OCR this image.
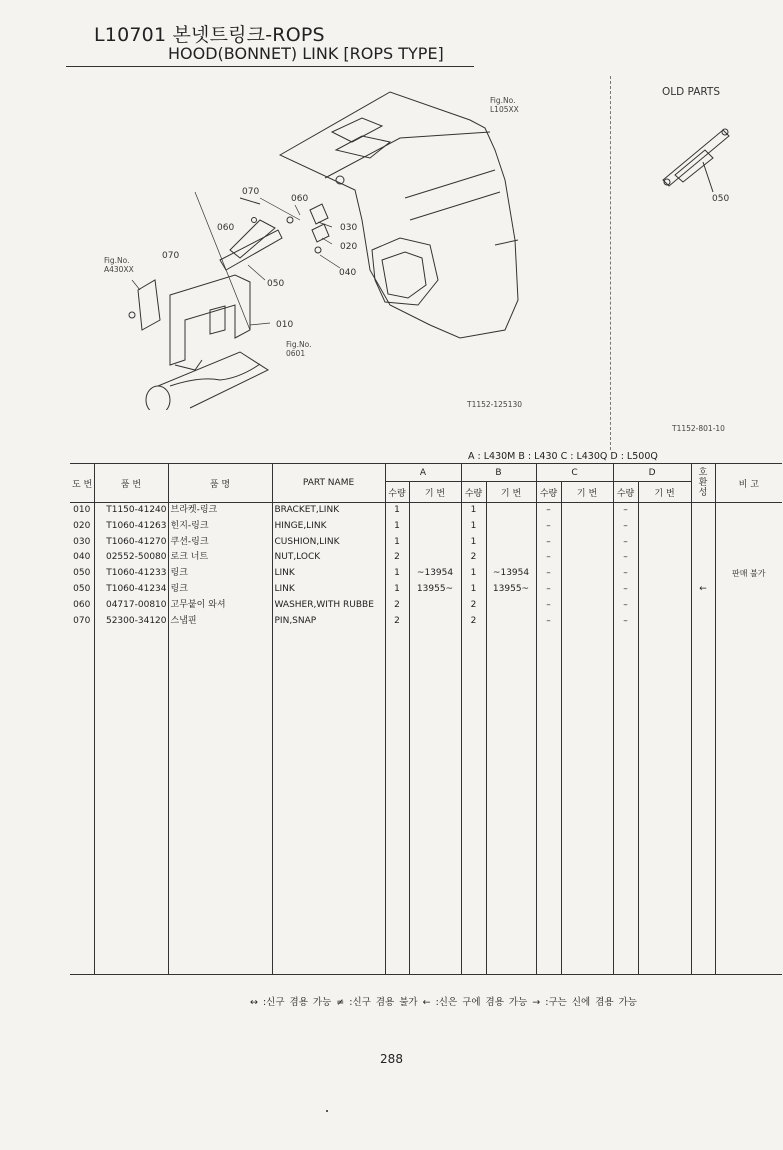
L10701 본넷트링크-ROPS
HOOD(BONNET) LINK [ROPS TYPE]
Fig.No. L105XX
Fig.No. A430XX
Fig.No. 0601
070
060
060	030
020
070
040
050
010
T1152-125130
OLD PARTS
050
T1152-801-10
A : L430M B : L430 C : L430Q D : L500Q
도 번	품 번	품 명	PART NAME	A		B		C		D		호 환 성	비 고
				수량	기 번	수량	기 번	수량	기 번	수량	기 번		
010	T1150-41240	브라켓-링크	BRACKET,LINK	1		1		–		–			
020	T1060-41263	힌지-링크	HINGE,LINK	1		1		–		–			
030	T1060-41270	쿠션-링크	CUSHION,LINK	1		1		–		–			
040	02552-50080	로크 너트	NUT,LOCK	2		2		–		–			
050	T1060-41233	링크	LINK	1	~13954	1	~13954	–		–			판매 불가
050	T1060-41234	링크	LINK	1	13955~	1	13955~	–		–		←	
060	04717-00810	고무붙이 와셔	WASHER,WITH RUBBE	2		2		–		–			
070	52300-34120	스냅핀	PIN,SNAP	2		2		–		–			

↔ :신구 겸용 가능 ≠ :신구 겸용 불가 ← :신은 구에 겸용 가능 → :구는 신에 겸용 가능
288
